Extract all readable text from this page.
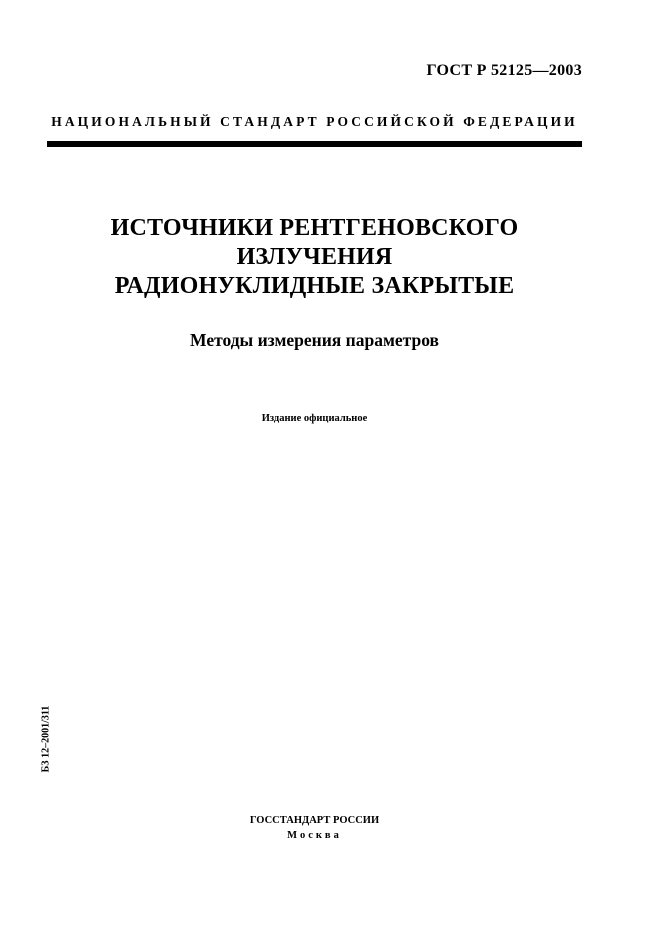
ГОСТ Р 52125—2003
НАЦИОНАЛЬНЫЙ СТАНДАРТ РОССИЙСКОЙ ФЕДЕРАЦИИ
ИСТОЧНИКИ РЕНТГЕНОВСКОГО
ИЗЛУЧЕНИЯ
РАДИОНУКЛИДНЫЕ ЗАКРЫТЫЕ
Методы измерения параметров
Издание официальное
БЗ 12–2001/311
ГОССТАНДАРТ РОССИИ
Москва
